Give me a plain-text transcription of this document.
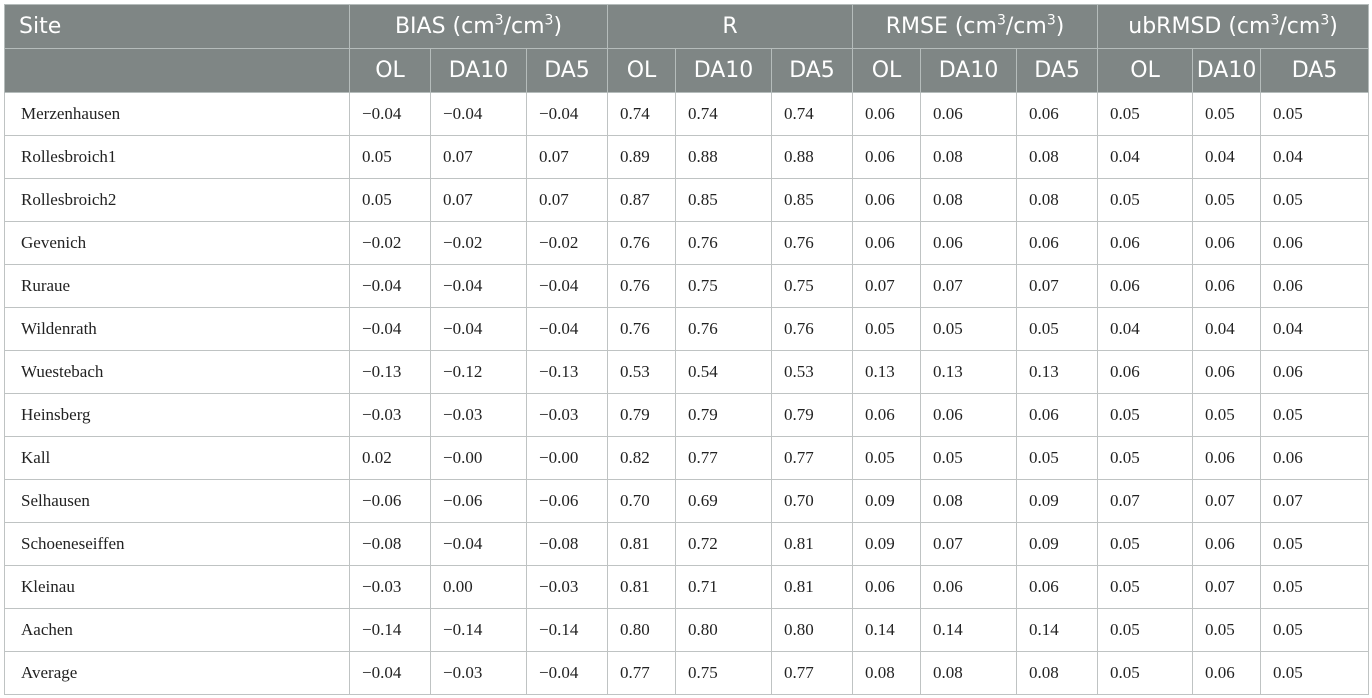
Site	BIAS $(cm^3/cm^3)$			R			RMSE $(cm^3/cm^3)$			ubRMSD $(cm^3/cm^3)$		
	OL	DA10	DA5	OL	DA10	DA5	OL	DA10	DA5	OL	DA10	DA5
Merzenhausen	−0.04	−0.04	−0.04	0.74	0.74	0.74	0.06	0.06	0.06	0.05	0.05	0.05
Rollesbroich1	0.05	0.07	0.07	0.89	0.88	0.88	0.06	0.08	0.08	0.04	0.04	0.04
Rollesbroich2	0.05	0.07	0.07	0.87	0.85	0.85	0.06	0.08	0.08	0.05	0.05	0.05
Gevenich	−0.02	−0.02	−0.02	0.76	0.76	0.76	0.06	0.06	0.06	0.06	0.06	0.06
Ruraue	−0.04	−0.04	−0.04	0.76	0.75	0.75	0.07	0.07	0.07	0.06	0.06	0.06
Wildenrath	−0.04	−0.04	−0.04	0.76	0.76	0.76	0.05	0.05	0.05	0.04	0.04	0.04
Wuestebach	−0.13	−0.12	−0.13	0.53	0.54	0.53	0.13	0.13	0.13	0.06	0.06	0.06
Heinsberg	−0.03	−0.03	−0.03	0.79	0.79	0.79	0.06	0.06	0.06	0.05	0.05	0.05
Kall	0.02	−0.00	−0.00	0.82	0.77	0.77	0.05	0.05	0.05	0.05	0.06	0.06
Selhausen	−0.06	−0.06	−0.06	0.70	0.69	0.70	0.09	0.08	0.09	0.07	0.07	0.07
Schoeneseiffen	−0.08	−0.04	−0.08	0.81	0.72	0.81	0.09	0.07	0.09	0.05	0.06	0.05
Kleinau	−0.03	0.00	−0.03	0.81	0.71	0.81	0.06	0.06	0.06	0.05	0.07	0.05
Aachen	−0.14	−0.14	−0.14	0.80	0.80	0.80	0.14	0.14	0.14	0.05	0.05	0.05
Average	−0.04	−0.03	−0.04	0.77	0.75	0.77	0.08	0.08	0.08	0.05	0.06	0.05
